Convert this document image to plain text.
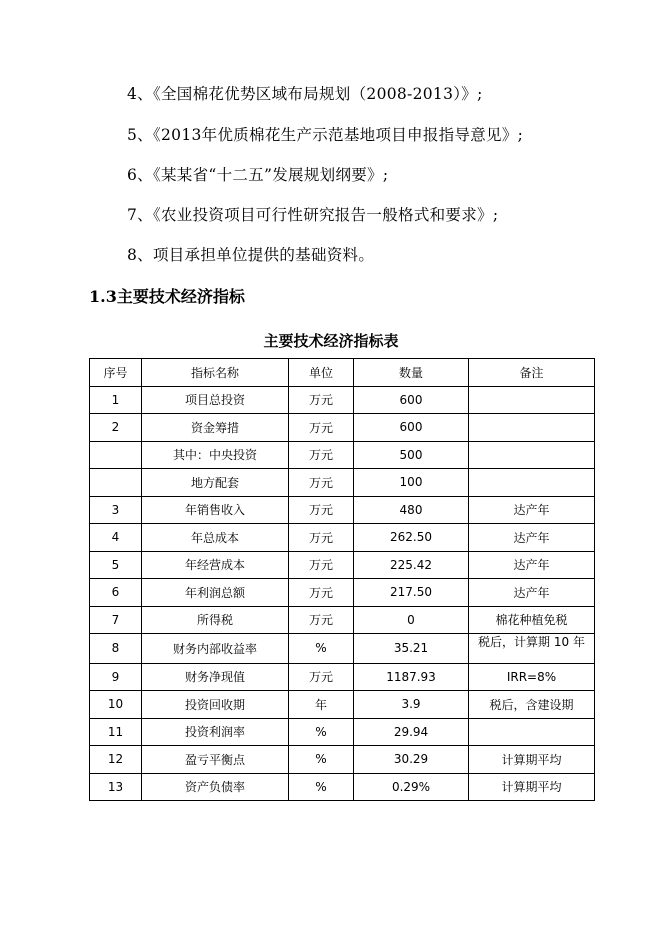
4、《全国棉花优势区域布局规划（2008-2013）》;
5、《2013年优质棉花生产示范基地项目申报指导意见》;
6、《某某省“十二五”发展规划纲要》;
7、《农业投资项目可行性研究报告一般格式和要求》;
8、项目承担单位提供的基础资料。
1.3主要技术经济指标
主要技术经济指标表
序号	指标名称	单位	数量	备注
1	项目总投资	万元	600	
2	资金筹措	万元	600	
	其中：中央投资	万元	500	
	地方配套	万元	100	
3	年销售收入	万元	480	达产年
4	年总成本	万元	262.50	达产年
5	年经营成本	万元	225.42	达产年
6	年利润总额	万元	217.50	达产年
7	所得税	万元	0	棉花种植免税
8	财务内部收益率	%	35.21	税后，计算期 10 年
9	财务净现值	万元	1187.93	IRR=8%
10	投资回收期	年	3.9	税后，含建设期
11	投资利润率	%	29.94	
12	盈亏平衡点	%	30.29	计算期平均
13	资产负债率	%	0.29%	计算期平均
